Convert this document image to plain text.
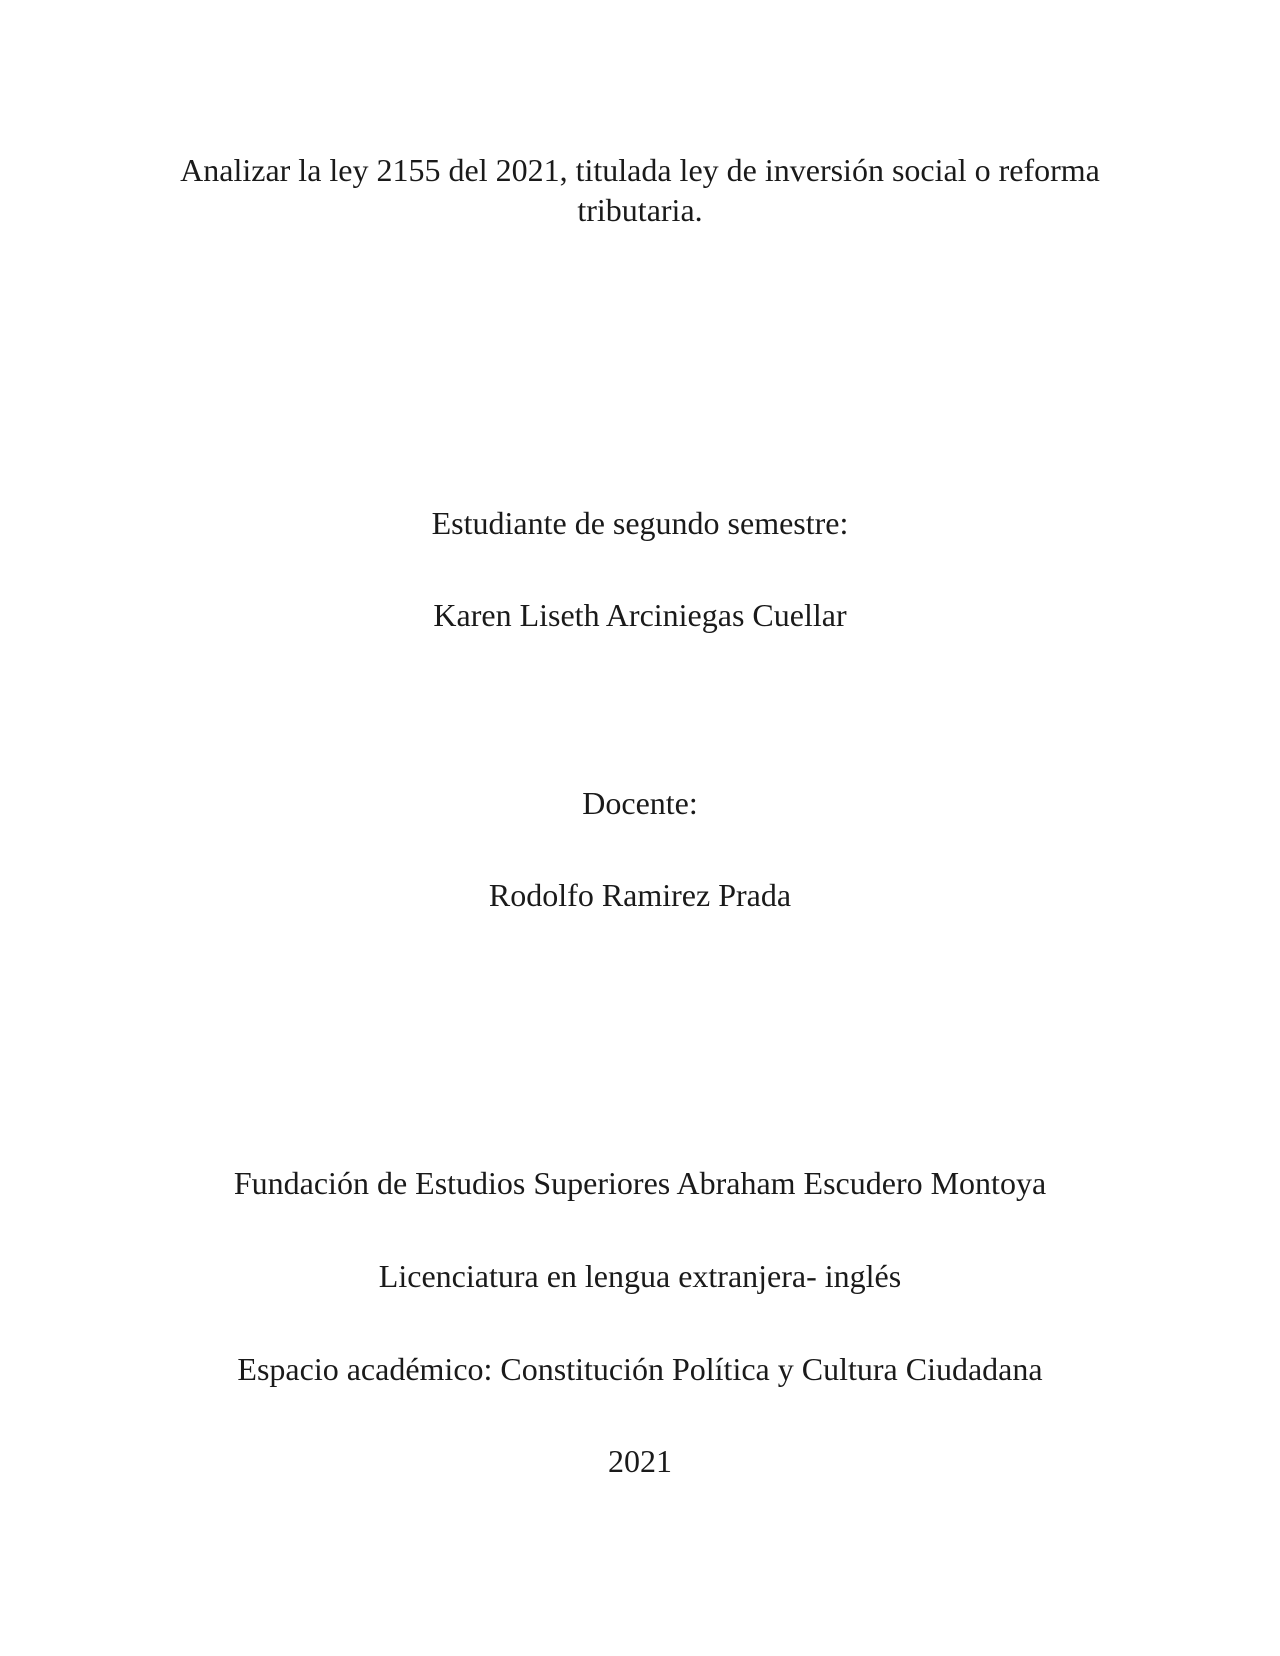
Analizar la ley 2155 del 2021, titulada ley de inversión social o reforma tributaria.
Estudiante de segundo semestre:
Karen Liseth Arciniegas Cuellar
Docente:
Rodolfo Ramirez Prada
Fundación de Estudios Superiores Abraham Escudero Montoya
Licenciatura en lengua extranjera- inglés
Espacio académico: Constitución Política y Cultura Ciudadana
2021
